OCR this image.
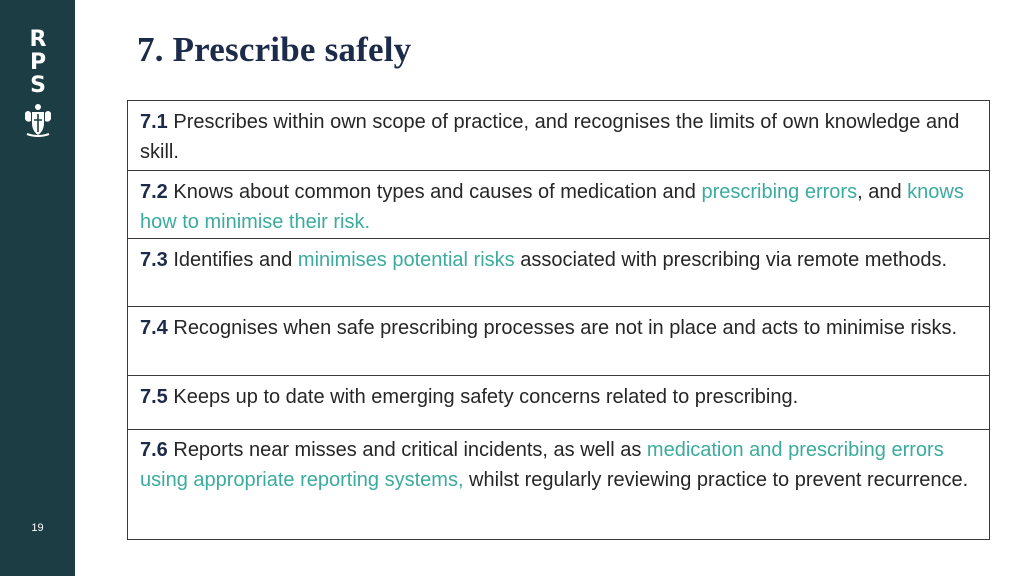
R
P
S
19
7. Prescribe safely
7.1 Prescribes within own scope of practice, and recognises the limits of own knowledge and skill.
7.2 Knows about common types and causes of medication and prescribing errors, and knows how to minimise their risk.
7.3 Identifies and minimises potential risks associated with prescribing via remote methods.
7.4 Recognises when safe prescribing processes are not in place and acts to minimise risks.
7.5 Keeps up to date with emerging safety concerns related to prescribing.
7.6 Reports near misses and critical incidents, as well as medication and prescribing errors using appropriate reporting systems, whilst regularly reviewing practice to prevent recurrence.
